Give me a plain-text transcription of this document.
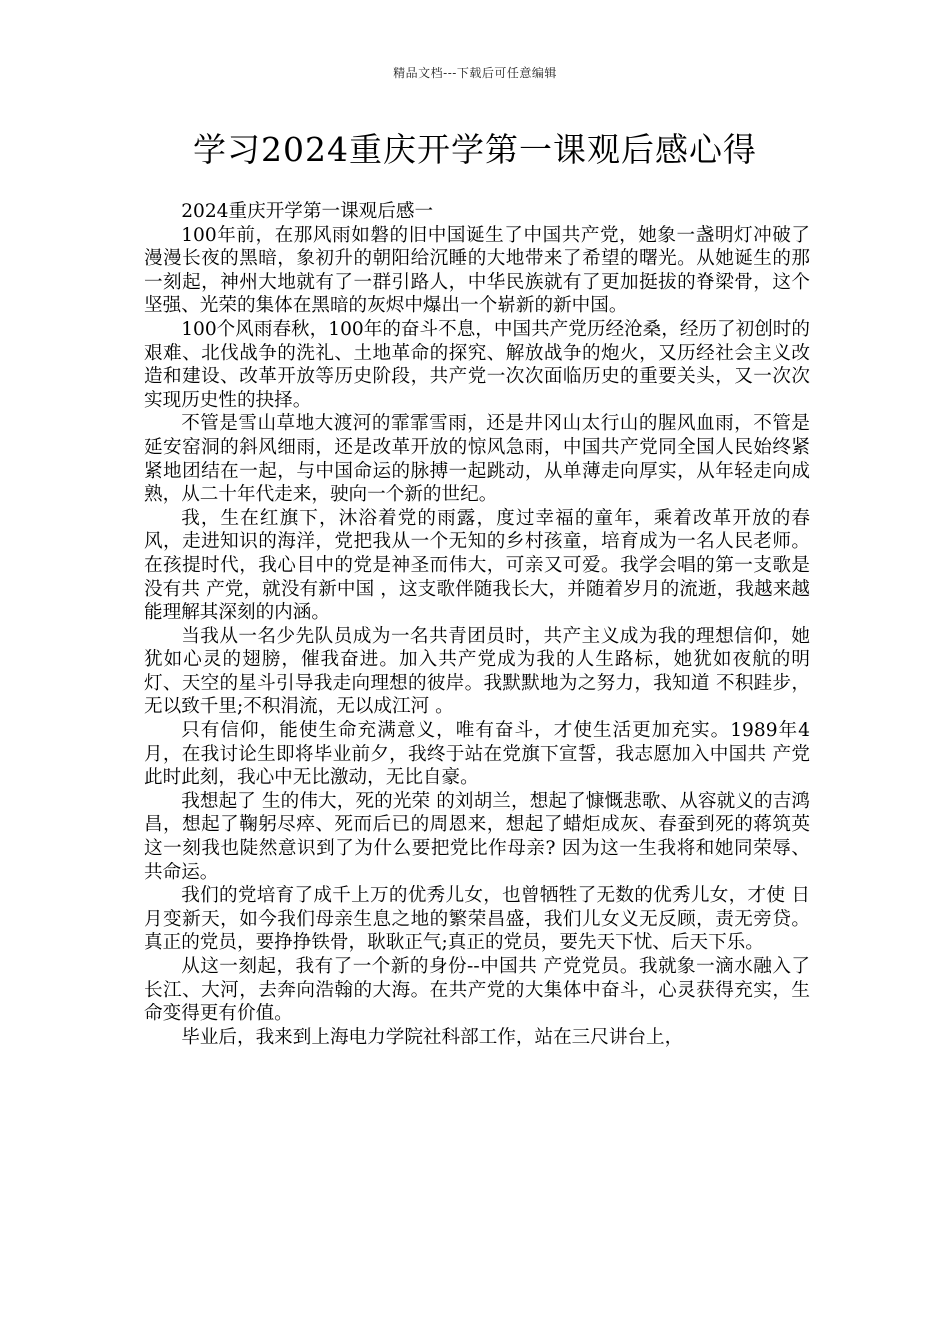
精品文档---下载后可任意编辑
学习2024重庆开学第一课观后感心得

2024重庆开学第一课观后感一

100年前，在那风雨如磐的旧中国诞生了中国共产党，她象一盏明灯冲破了漫漫长夜的黑暗，象初升的朝阳给沉睡的大地带来了希望的曙光。从她诞生的那一刻起，神州大地就有了一群引路人，中华民族就有了更加挺拔的脊梁骨，这个坚强、光荣的集体在黑暗的灰烬中爆出一个崭新的新中国。

100个风雨春秋，100年的奋斗不息，中国共产党历经沧桑，经历了初创时的艰难、北伐战争的洗礼、土地革命的探究、解放战争的炮火，又历经社会主义改造和建设、改革开放等历史阶段，共产党一次次面临历史的重要关头，又一次次实现历史性的抉择。

不管是雪山草地大渡河的霏霏雪雨，还是井冈山太行山的腥风血雨，不管是延安窑洞的斜风细雨，还是改革开放的惊风急雨，中国共产党同全国人民始终紧紧地团结在一起，与中国命运的脉搏一起跳动，从单薄走向厚实，从年轻走向成熟，从二十年代走来，驶向一个新的世纪。

我，生在红旗下，沐浴着党的雨露，度过幸福的童年，乘着改革开放的春风，走进知识的海洋，党把我从一个无知的乡村孩童，培育成为一名人民老师。在孩提时代，我心目中的党是神圣而伟大，可亲又可爱。我学会唱的第一支歌是没有共 产党，就没有新中国 ，这支歌伴随我长大，并随着岁月的流逝，我越来越能理解其深刻的内涵。

当我从一名少先队员成为一名共青团员时，共产主义成为我的理想信仰，她犹如心灵的翅膀，催我奋进。加入共产党成为我的人生路标，她犹如夜航的明灯、天空的星斗引导我走向理想的彼岸。我默默地为之努力，我知道 不积跬步，无以致千里;不积涓流，无以成江河 。

只有信仰，能使生命充满意义，唯有奋斗，才使生活更加充实。1989年4月，在我讨论生即将毕业前夕，我终于站在党旗下宣誓，我志愿加入中国共 产党此时此刻，我心中无比激动，无比自豪。

我想起了 生的伟大，死的光荣 的刘胡兰，想起了慷慨悲歌、从容就义的吉鸿昌，想起了鞠躬尽瘁、死而后已的周恩来，想起了蜡炬成灰、春蚕到死的蒋筑英这一刻我也陡然意识到了为什么要把党比作母亲? 因为这一生我将和她同荣辱、共命运。

我们的党培育了成千上万的优秀儿女，也曾牺牲了无数的优秀儿女，才使 日月变新天，如今我们母亲生息之地的繁荣昌盛，我们儿女义无反顾，责无旁贷。真正的党员，要挣挣铁骨，耿耿正气;真正的党员，要先天下忧、后天下乐。

从这一刻起，我有了一个新的身份--中国共 产党党员。我就象一滴水融入了长江、大河，去奔向浩翰的大海。在共产党的大集体中奋斗，心灵获得充实，生命变得更有价值。

毕业后，我来到上海电力学院社科部工作，站在三尺讲台上，
